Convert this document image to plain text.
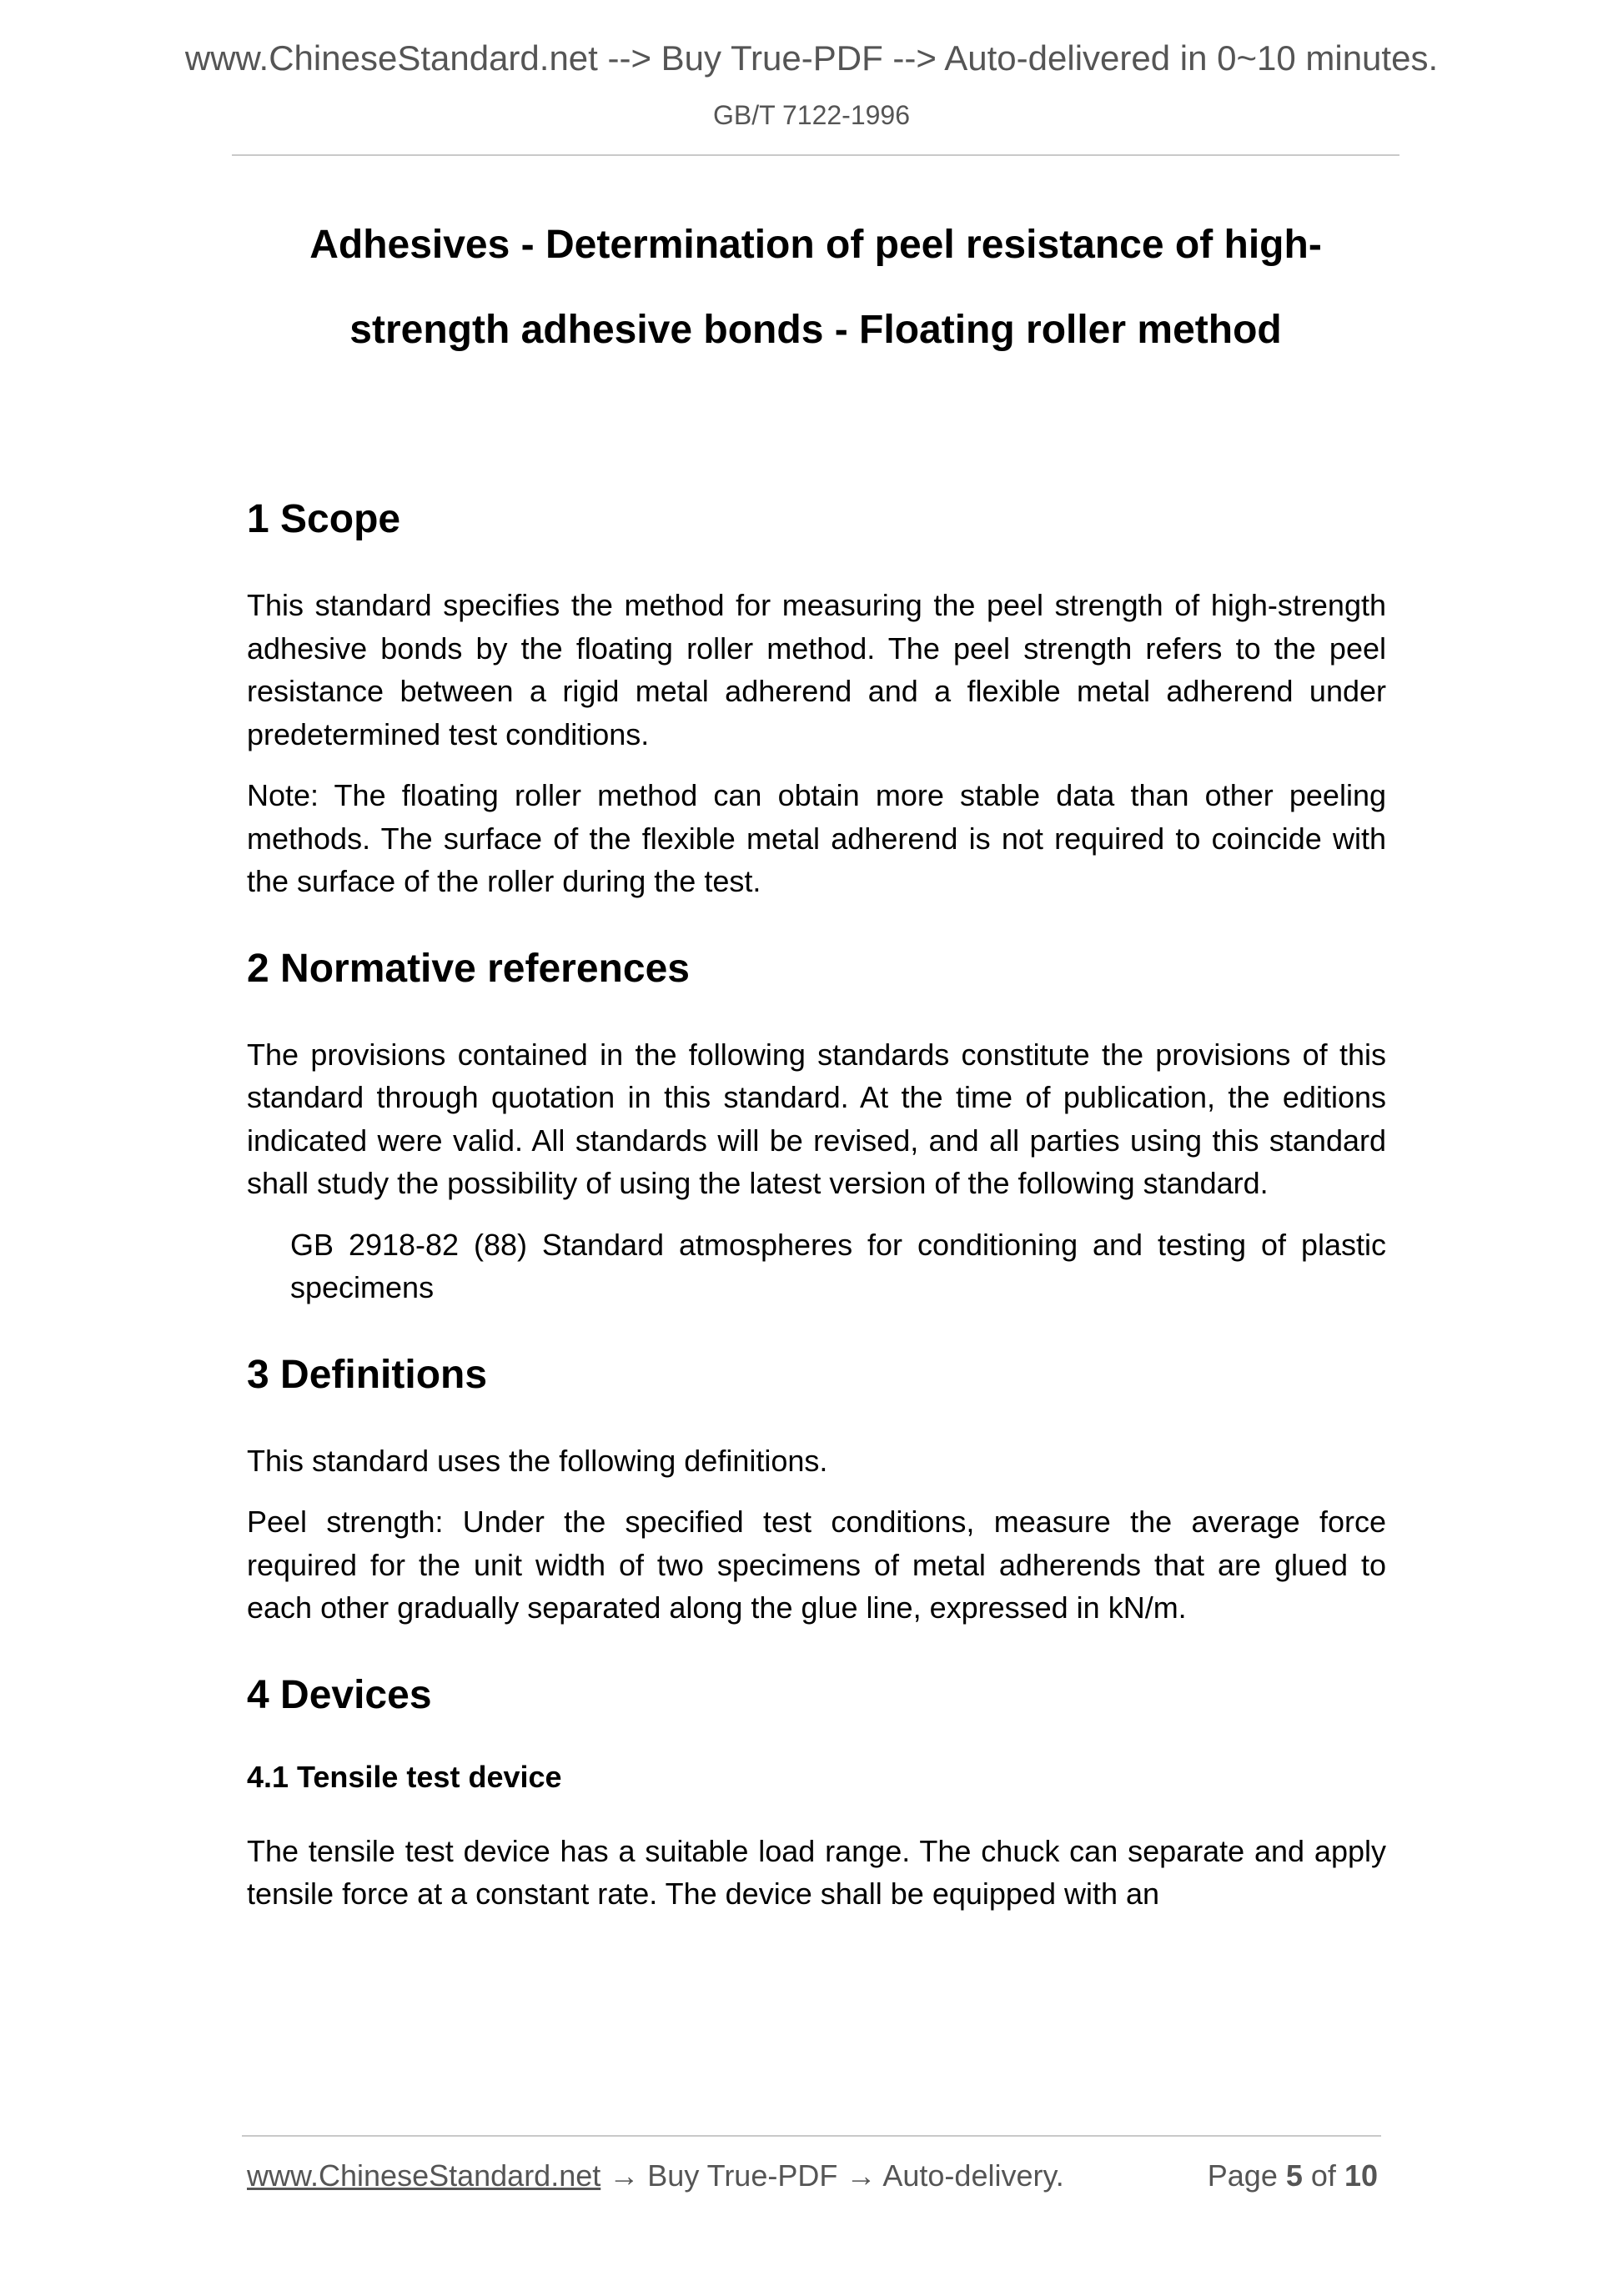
www.ChineseStandard.net --> Buy True-PDF --> Auto-delivered in 0~10 minutes.
GB/T 7122-1996
Adhesives - Determination of peel resistance of high-
strength adhesive bonds - Floating roller method
1 Scope

This standard specifies the method for measuring the peel strength of high-strength adhesive bonds by the floating roller method. The peel strength refers to the peel resistance between a rigid metal adherend and a flexible metal adherend under predetermined test conditions.

Note: The floating roller method can obtain more stable data than other peeling methods. The surface of the flexible metal adherend is not required to coincide with the surface of the roller during the test.

2 Normative references

The provisions contained in the following standards constitute the provisions of this standard through quotation in this standard. At the time of publication, the editions indicated were valid. All standards will be revised, and all parties using this standard shall study the possibility of using the latest version of the following standard.

GB 2918-82 (88) Standard atmospheres for conditioning and testing of plastic specimens

3 Definitions

This standard uses the following definitions.

Peel strength: Under the specified test conditions, measure the average force required for the unit width of two specimens of metal adherends that are glued to each other gradually separated along the glue line, expressed in kN/m.

4 Devices
4.1 Tensile test device

The tensile test device has a suitable load range. The chuck can separate and apply tensile force at a constant rate. The device shall be equipped with an

www.ChineseStandard.net → Buy True-PDF → Auto-delivery.	Page 5 of 10
